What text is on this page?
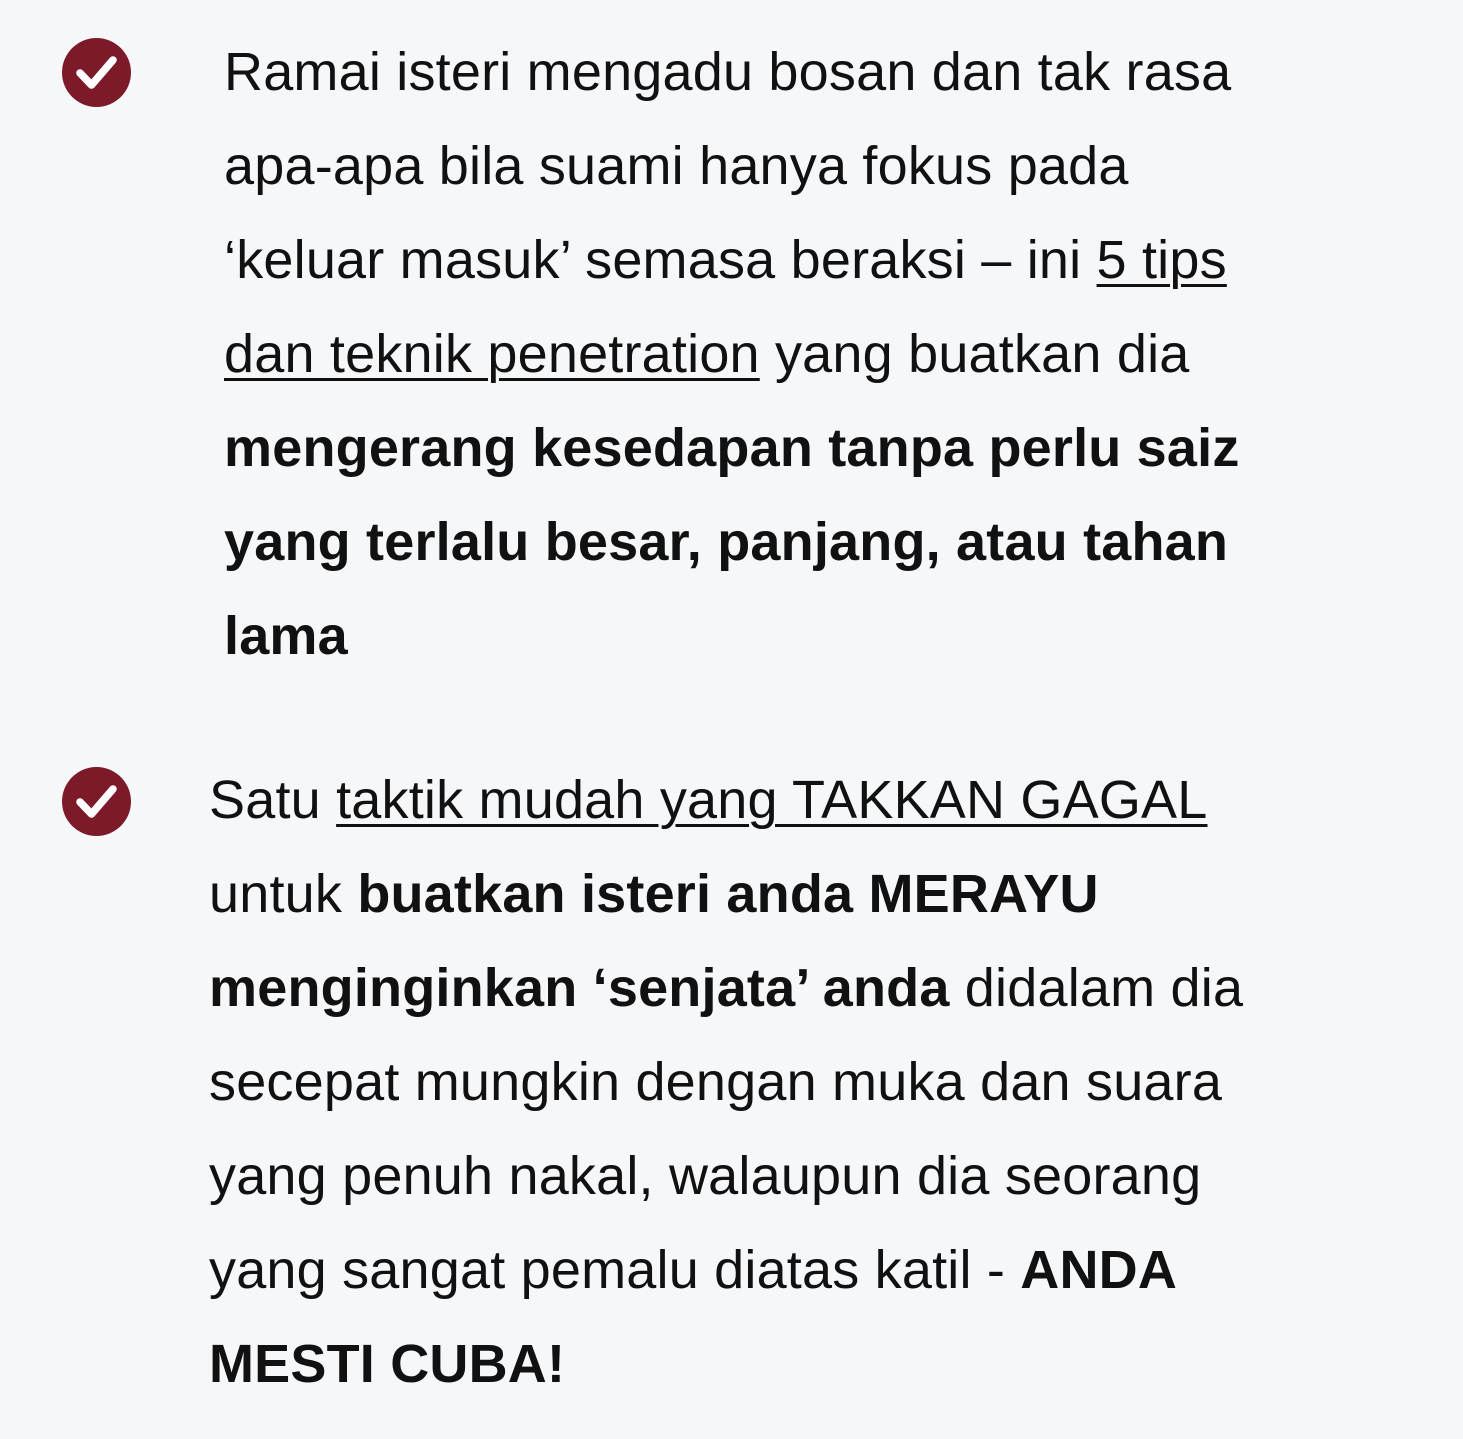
Ramai isteri mengadu bosan dan tak rasa
apa-apa bila suami hanya fokus pada
‘keluar masuk’ semasa beraksi – ini 5 tips
dan teknik penetration yang buatkan dia
mengerang kesedapan tanpa perlu saiz
yang terlalu besar, panjang, atau tahan
lama

Satu taktik mudah yang TAKKAN GAGAL
untuk buatkan isteri anda MERAYU
menginginkan ‘senjata’ anda didalam dia
secepat mungkin dengan muka dan suara
yang penuh nakal, walaupun dia seorang
yang sangat pemalu diatas katil - ANDA
MESTI CUBA!
